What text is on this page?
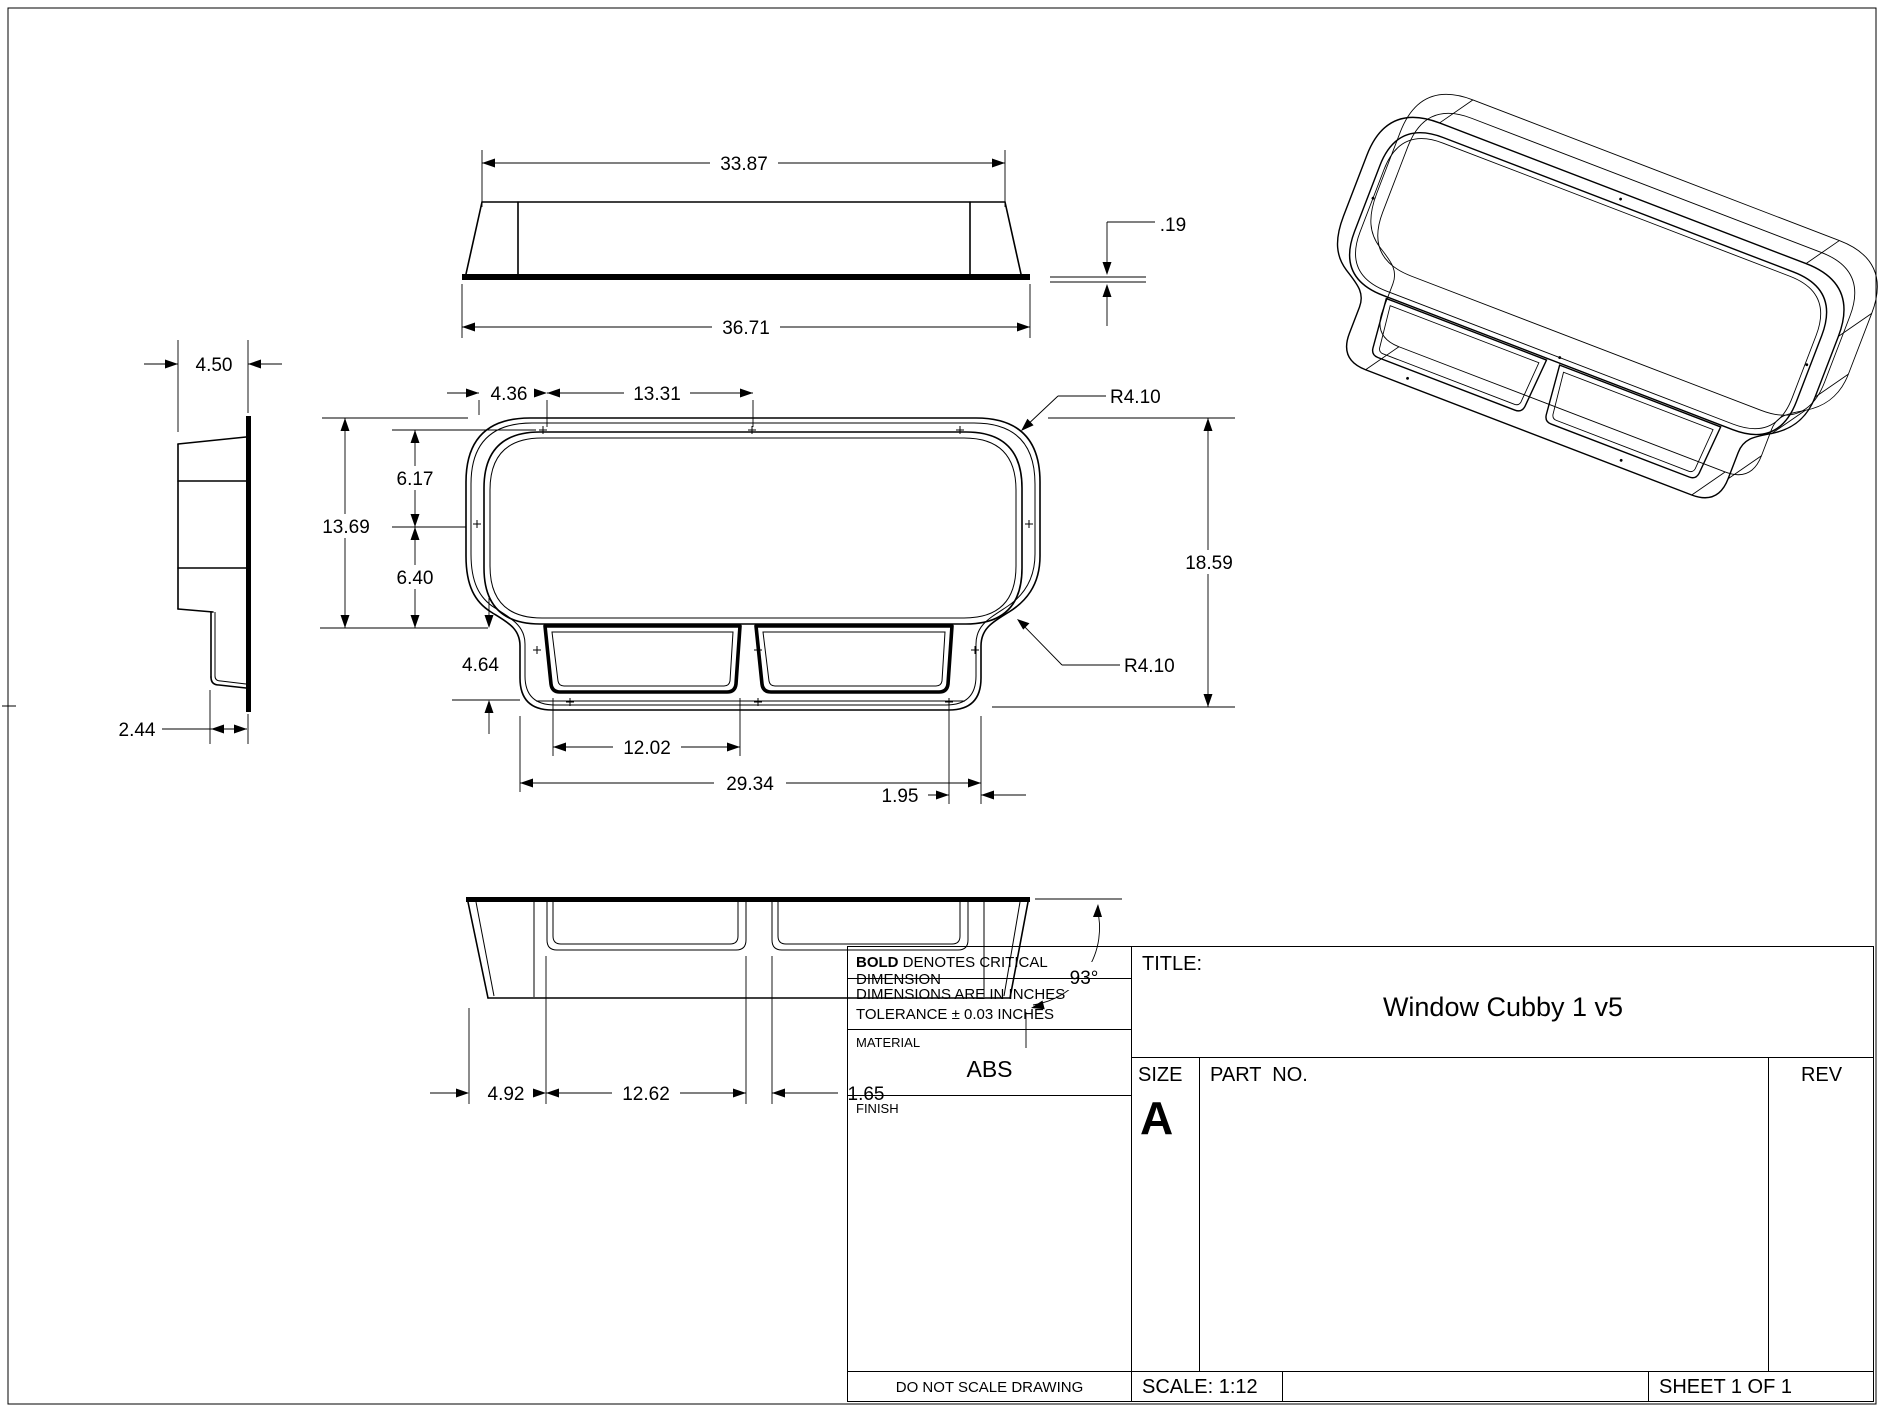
33.87
36.71
.19
4.50
2.44
4.36	13.31	R4.10
18.59
R4.10
13.69
6.17
6.40
4.64
12.02
1.95
29.34
4.92	12.62	1.65
93°
BOLD DENOTES CRITICAL DIMENSION
DIMENSIONS ARE IN INCHES
TOLERANCE ± 0.03 INCHES
MATERIAL
ABS
FINISH
DO NOT SCALE DRAWING
TITLE:
Window Cubby 1 v5
SIZE
A
PART  NO.	REV
SCALE: 1:12	SHEET 1 OF 1
